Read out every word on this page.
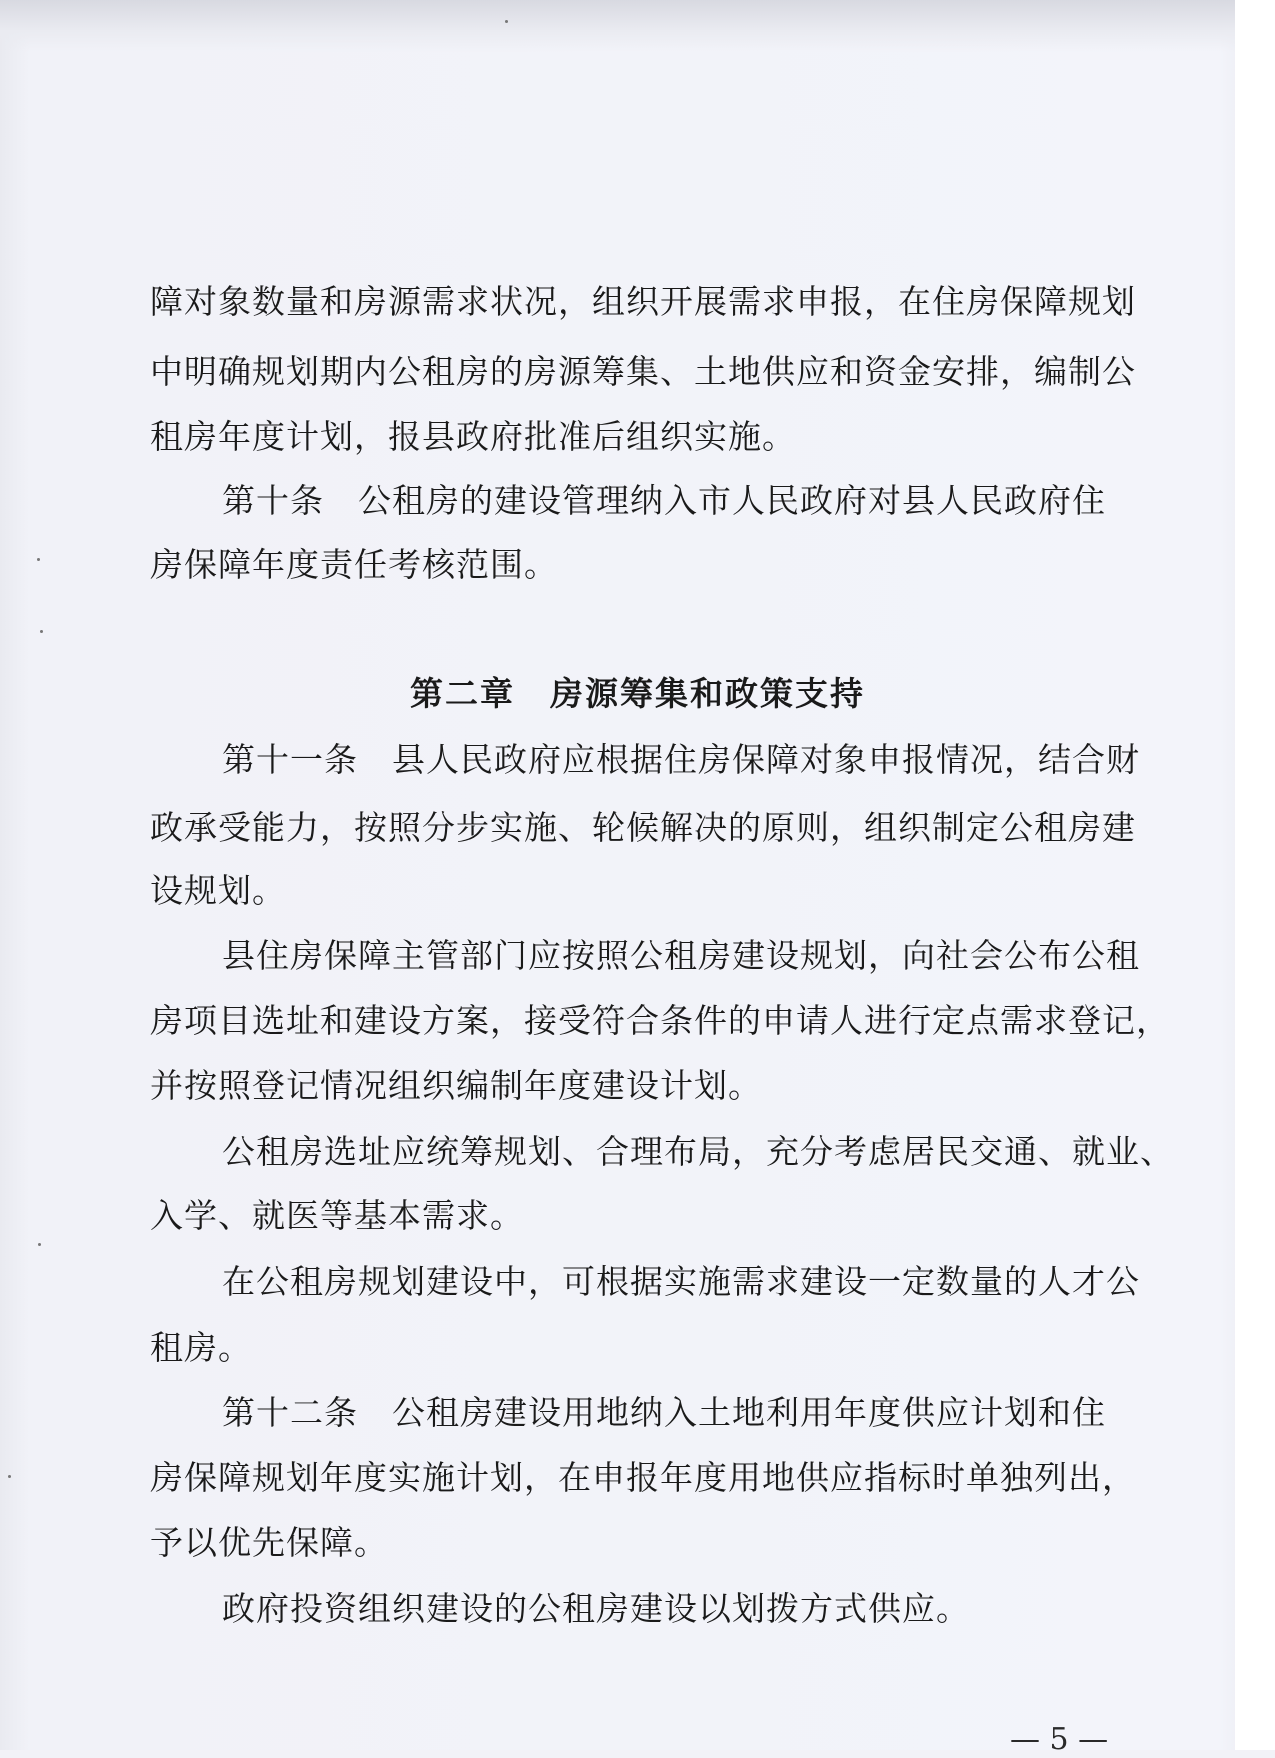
障对象数量和房源需求状况，组织开展需求申报，在住房保障规划
中明确规划期内公租房的房源筹集、土地供应和资金安排，编制公
租房年度计划，报县政府批准后组织实施。
第十条　公租房的建设管理纳入市人民政府对县人民政府住
房保障年度责任考核范围。
第二章　房源筹集和政策支持
第十一条　县人民政府应根据住房保障对象申报情况，结合财
政承受能力，按照分步实施、轮候解决的原则，组织制定公租房建
设规划。
县住房保障主管部门应按照公租房建设规划，向社会公布公租
房项目选址和建设方案，接受符合条件的申请人进行定点需求登记，
并按照登记情况组织编制年度建设计划。
公租房选址应统筹规划、合理布局，充分考虑居民交通、就业、
入学、就医等基本需求。
在公租房规划建设中，可根据实施需求建设一定数量的人才公
租房。
第十二条　公租房建设用地纳入土地利用年度供应计划和住
房保障规划年度实施计划，在申报年度用地供应指标时单独列出，
予以优先保障。
政府投资组织建设的公租房建设以划拨方式供应。
— 5 —
